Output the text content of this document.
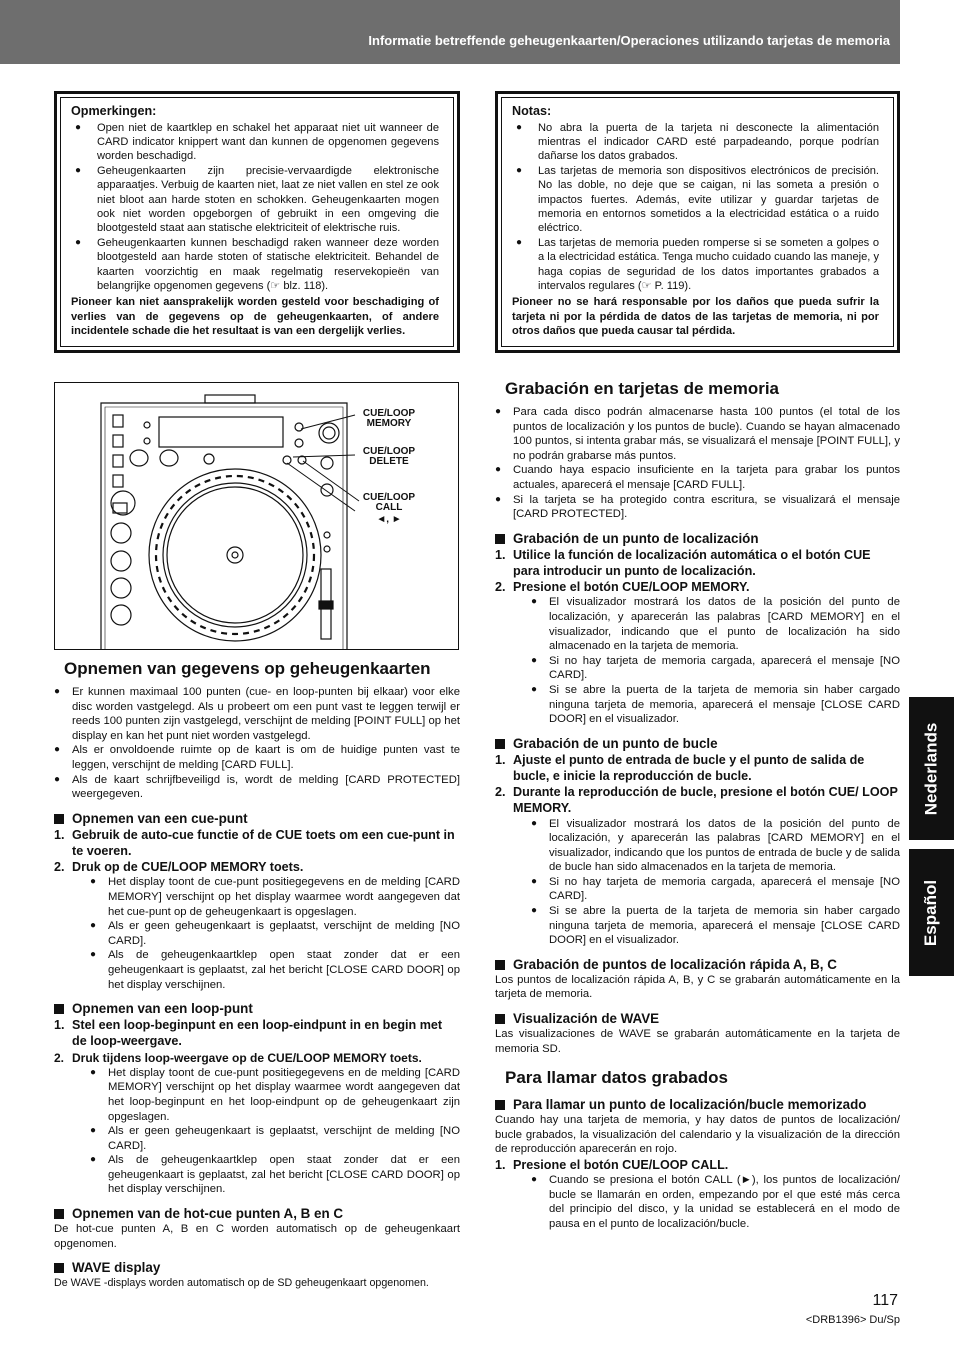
Informatie betreffende geheugenkaarten/Operaciones utilizando tarjetas de memoria
Opmerkingen:
● Open niet de kaartklep en schakel het apparaat niet uit wanneer de CARD indicator knippert want dan kunnen de opgenomen gegevens worden beschadigd.
● Geheugenkaarten zijn precisie-vervaardigde elektronische apparaatjes. Verbuig de kaarten niet, laat ze niet vallen en stel ze ook niet bloot aan harde stoten en schokken. Geheugenkaarten mogen ook niet worden opgeborgen of gebruikt in een omgeving die blootgesteld staat aan statische elektriciteit of elektrische ruis.
● Geheugenkaarten kunnen beschadigd raken wanneer deze worden blootgesteld aan harde stoten of statische elektriciteit. Behandel de kaarten voorzichtig en maak regelmatig reservekopieën van belangrijke opgenomen gegevens (☞ blz. 118).

Pioneer kan niet aansprakelijk worden gesteld voor beschadiging of verlies van de gegevens op de geheugenkaarten, of andere incidentele schade die het resultaat is van een dergelijk verlies.

CUE/LOOP MEMORY
CUE/LOOP DELETE
CUE/LOOP CALL
◄, ►
Opnemen van gegevens op geheugenkaarten
● Er kunnen maximaal 100 punten (cue- en loop-punten bij elkaar) voor elke disc worden vastgelegd. Als u probeert om een punt vast te leggen terwijl er reeds 100 punten zijn vastgelegd, verschijnt de melding [POINT FULL] op het display en kan het punt niet worden vastgelegd.
● Als er onvoldoende ruimte op de kaart is om de huidige punten vast te leggen, verschijnt de melding [CARD FULL].
● Als de kaart schrijfbeveiligd is, wordt de melding [CARD PROTECTED] weergegeven.
Opnemen van een cue-punt
1. Gebruik de auto-cue functie of de CUE toets om een cue-punt in te voeren.
2. Druk op de CUE/LOOP MEMORY toets.
● Het display toont de cue-punt positiegegevens en de melding [CARD MEMORY] verschijnt op het display waarmee wordt aangegeven dat het cue-punt op de geheugenkaart is opgeslagen.
● Als er geen geheugenkaart is geplaatst, verschijnt de melding [NO CARD].
● Als de geheugenkaartklep open staat zonder dat er een geheugenkaart is geplaatst, zal het bericht [CLOSE CARD DOOR] op het display verschijnen.
Opnemen van een loop-punt
1. Stel een loop-beginpunt en een loop-eindpunt in en begin met de loop-weergave.
2. Druk tijdens loop-weergave op de CUE/LOOP MEMORY toets.
● Het display toont de cue-punt positiegegevens en de melding [CARD MEMORY] verschijnt op het display waarmee wordt aangegeven dat het loop-beginpunt en het loop-eindpunt op de geheugenkaart zijn opgeslagen.
● Als er geen geheugenkaart is geplaatst, verschijnt de melding [NO CARD].
● Als de geheugenkaartklep open staat zonder dat er een geheugenkaart is geplaatst, zal het bericht [CLOSE CARD DOOR] op het display verschijnen.
Opnemen van de hot-cue punten A, B en C

De hot-cue punten A, B en C worden automatisch op de geheugenkaart opgenomen.

WAVE display

De WAVE -displays worden automatisch op de SD geheugenkaart opgenomen.

Notas:
● No abra la puerta de la tarjeta ni desconecte la alimentación mientras el indicador CARD esté parpadeando, porque podrían dañarse los datos grabados.
● Las tarjetas de memoria son dispositivos electrónicos de precisión. No las doble, no deje que se caigan, ni las someta a presión o impactos fuertes. Además, evite utilizar y guardar tarjetas de memoria en entornos sometidos a la electricidad estática o a ruido eléctrico.
● Las tarjetas de memoria pueden romperse si se someten a golpes o a la electricidad estática. Tenga mucho cuidado cuando las maneje, y haga copias de seguridad de los datos importantes grabados a intervalos regulares (☞ P. 119).

Pioneer no se hará responsable por los daños que pueda sufrir la tarjeta ni por la pérdida de datos de las tarjetas de memoria, ni por otros daños que pueda causar tal pérdida.

Grabación en tarjetas de memoria
● Para cada disco podrán almacenarse hasta 100 puntos (el total de los puntos de localización y los puntos de bucle). Cuando se hayan almacenado 100 puntos, si intenta grabar más, se visualizará el mensaje [POINT FULL], y no podrán grabarse más puntos.
● Cuando haya espacio insuficiente en la tarjeta para grabar los puntos actuales, aparecerá el mensaje [CARD FULL].
● Si la tarjeta se ha protegido contra escritura, se visualizará el mensaje [CARD PROTECTED].
Grabación de un punto de localización
1. Utilice la función de localización automática o el botón CUE para introducir un punto de localización.
2. Presione el botón CUE/LOOP MEMORY.
● El visualizador mostrará los datos de la posición del punto de localización, y aparecerán las palabras [CARD MEMORY] en el visualizador, indicando que el punto de localización ha sido almacenado en la tarjeta de memoria.
● Si no hay tarjeta de memoria cargada, aparecerá el mensaje [NO CARD].
● Si se abre la puerta de la tarjeta de memoria sin haber cargado ninguna tarjeta de memoria, aparecerá el mensaje [CLOSE CARD DOOR] en el visualizador.
Grabación de un punto de bucle
1. Ajuste el punto de entrada de bucle y el punto de salida de bucle, e inicie la reproducción de bucle.
2. Durante la reproducción de bucle, presione el botón CUE/ LOOP MEMORY.
● El visualizador mostrará los datos de la posición del punto de localización, y aparecerán las palabras [CARD MEMORY] en el visualizador, indicando que los puntos de entrada de bucle y de salida de bucle han sido almacenados en la tarjeta de memoria.
● Si no hay tarjeta de memoria cargada, aparecerá el mensaje [NO CARD].
● Si se abre la puerta de la tarjeta de memoria sin haber cargado ninguna tarjeta de memoria, aparecerá el mensaje [CLOSE CARD DOOR] en el visualizador.
Grabación de puntos de localización rápida A, B, C

Los puntos de localización rápida A, B, y C se grabarán automáticamente en la tarjeta de memoria.

Visualización de WAVE

Las visualizaciones de WAVE se grabarán automáticamente en la tarjeta de memoria SD.

Para llamar datos grabados
Para llamar un punto de localización/bucle memorizado

Cuando hay una tarjeta de memoria, y hay datos de puntos de localización/ bucle grabados, la visualización del calendario y la visualización de la dirección de reproducción aparecerán en rojo.

1. Presione el botón CUE/LOOP CALL.
● Cuando se presiona el botón CALL (►), los puntos de localización/ bucle se llamarán en orden, empezando por el que esté más cerca del principio del disco, y la unidad se establecerá en el modo de pausa en el punto de localización/bucle.
Nederlands
Español
117
<DRB1396> Du/Sp
